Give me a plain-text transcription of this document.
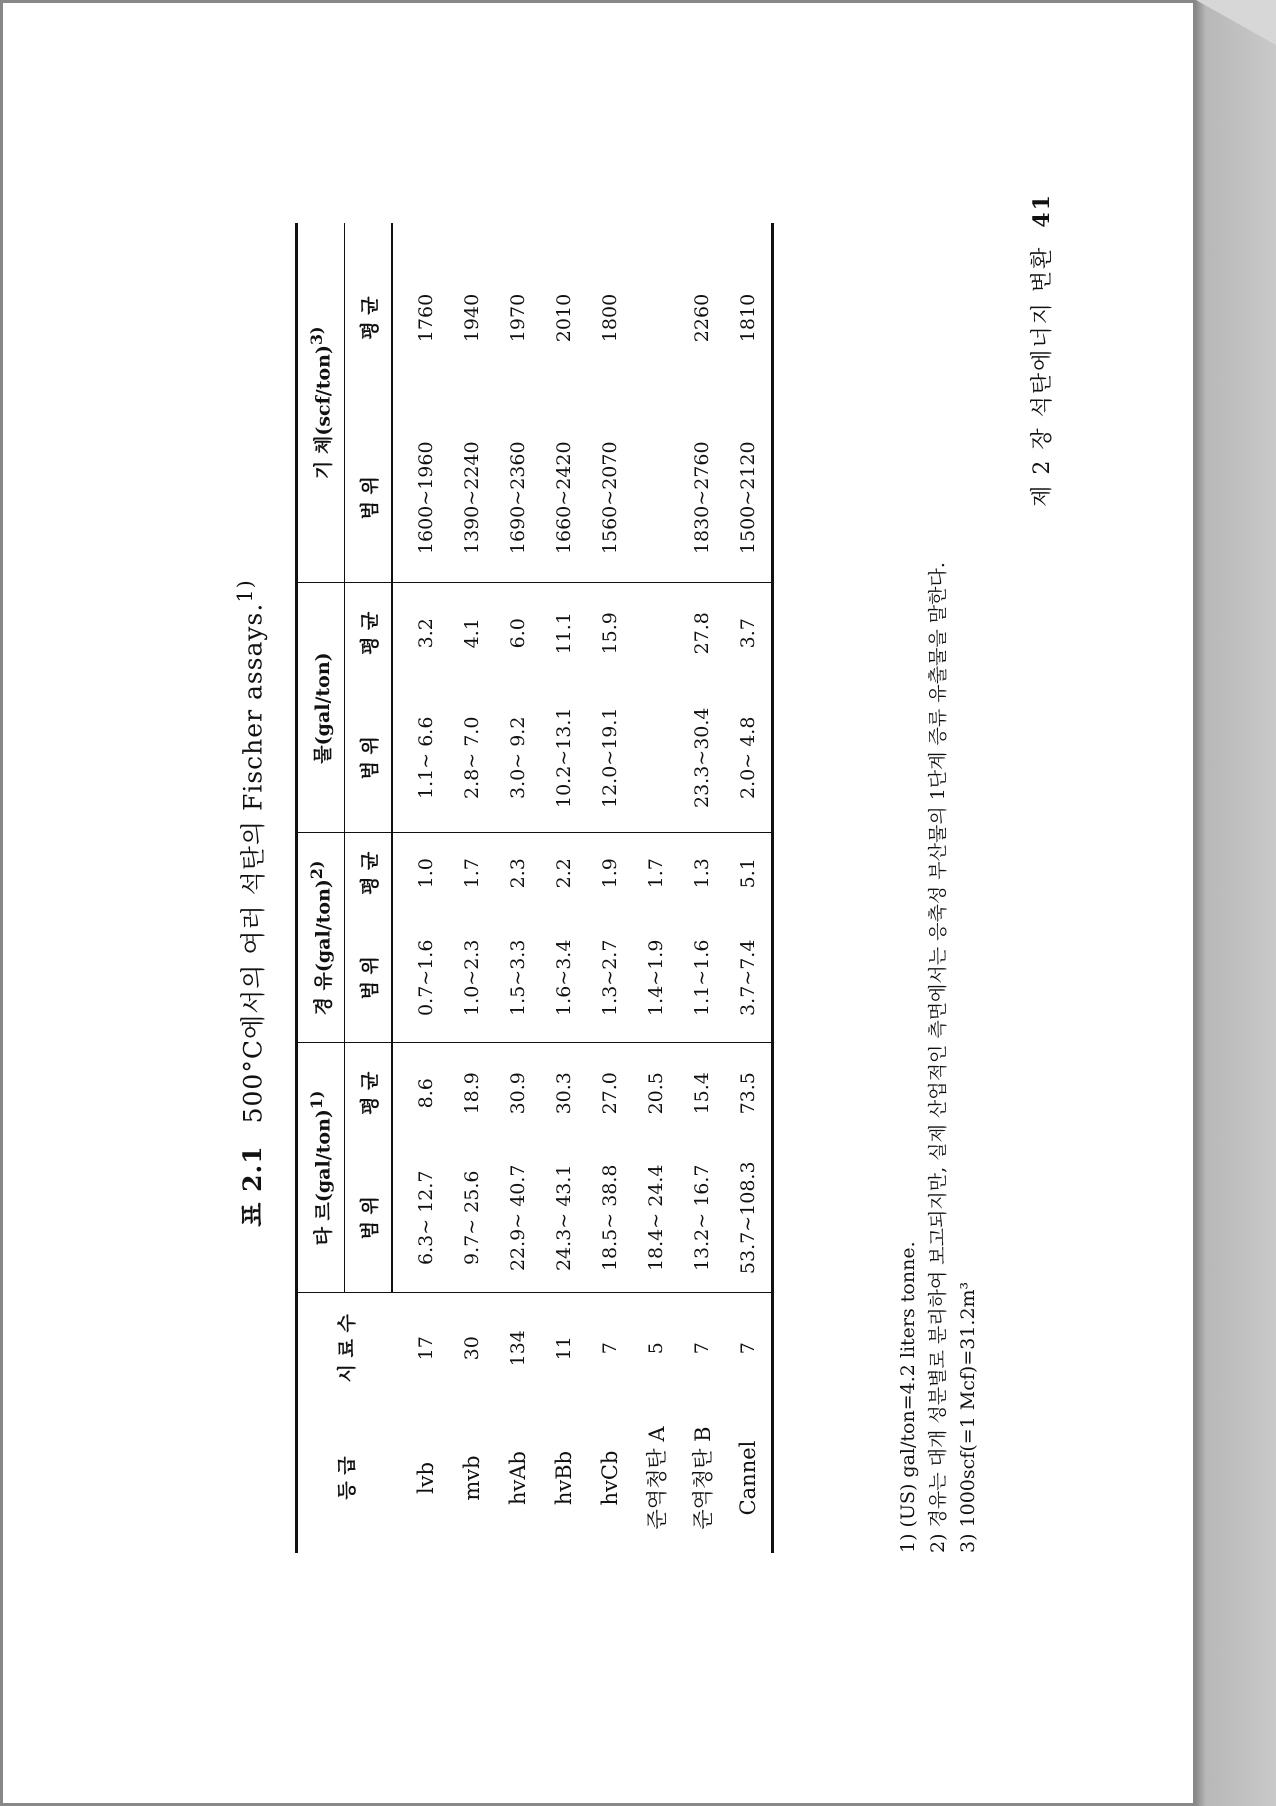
표 2.1500°C에서의 여러 석탄의 Fischer assays.$^{1)}$
등 급	시 료 수	타 르$(gal/ton)^{1)}$		경 유$(gal/ton)^{2)}$		물(gal/ton)		기 체$(scf/ton)^{3)}$
		범 위	평 균	범 위	평 균	범 위	평 균	범 위	평 균
lvb	17	6.3~ 12.7	8.6	0.7~1.6	1.0	1.1~ 6.6	3.2	1600~1960	1760
mvb	30	9.7~ 25.6	18.9	1.0~2.3	1.7	2.8~ 7.0	4.1	1390~2240	1940
hvAb	134	22.9~ 40.7	30.9	1.5~3.3	2.3	3.0~ 9.2	6.0	1690~2360	1970
hvBb	11	24.3~ 43.1	30.3	1.6~3.4	2.2	10.2~13.1	11.1	1660~2420	2010
hvCb	7	18.5~ 38.8	27.0	1.3~2.7	1.9	12.0~19.1	15.9	1560~2070	1800
준역청탄 A	5	18.4~ 24.4	20.5	1.4~1.9	1.7				
준역청탄 B	7	13.2~ 16.7	15.4	1.1~1.6	1.3	23.3~30.4	27.8	1830~2760	2260
Cannel	7	53.7~108.3	73.5	3.7~7.4	5.1	2.0~ 4.8	3.7	1500~2120	1810
1) (US) gal/ton=4.2 liters tonne. 2) 경유는 대개 성분별로 분리하여 보고되지만, 실제 산업적인 측면에서는 응축성 부산물의 1단계 증류 유출물을 말한다. 3) 1000scf(=1 Mcf)=31.2m³
제 2 장 석탄에너지 변환41
